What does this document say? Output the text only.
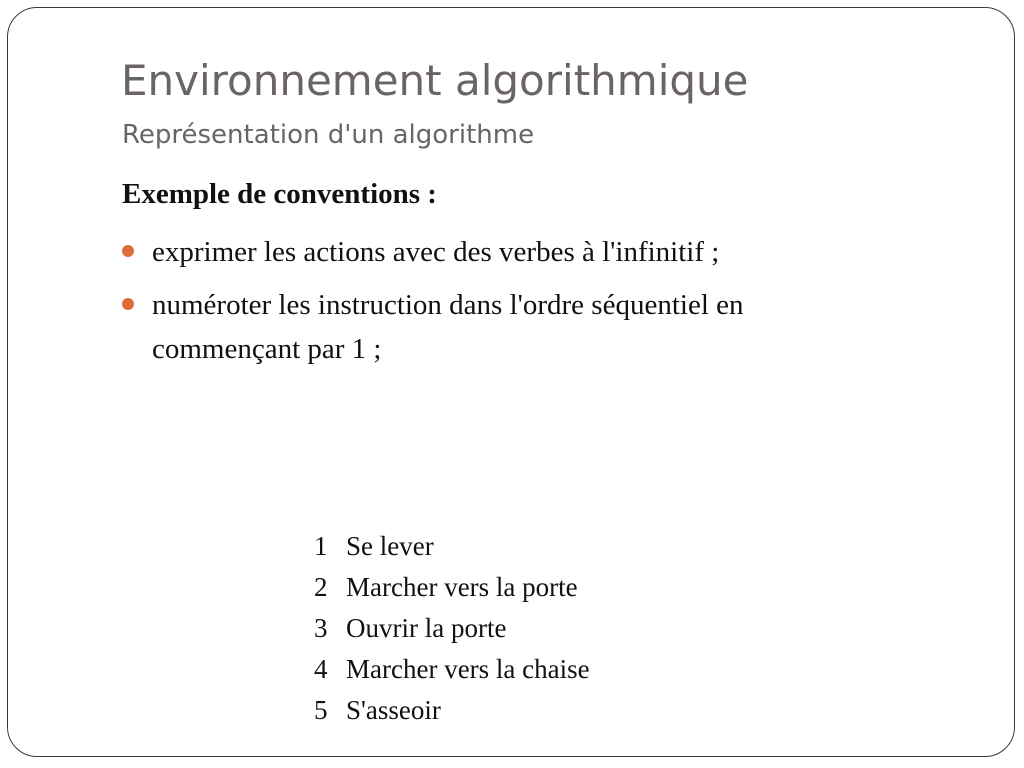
Environnement algorithmique
Représentation d'un algorithme
Exemple de conventions :
exprimer les actions avec des verbes à l'infinitif ;
numéroter les instruction dans l'ordre séquentiel en commençant par 1 ;
1 Se lever
2 Marcher vers la porte
3 Ouvrir la porte
4 Marcher vers la chaise
5 S'asseoir
